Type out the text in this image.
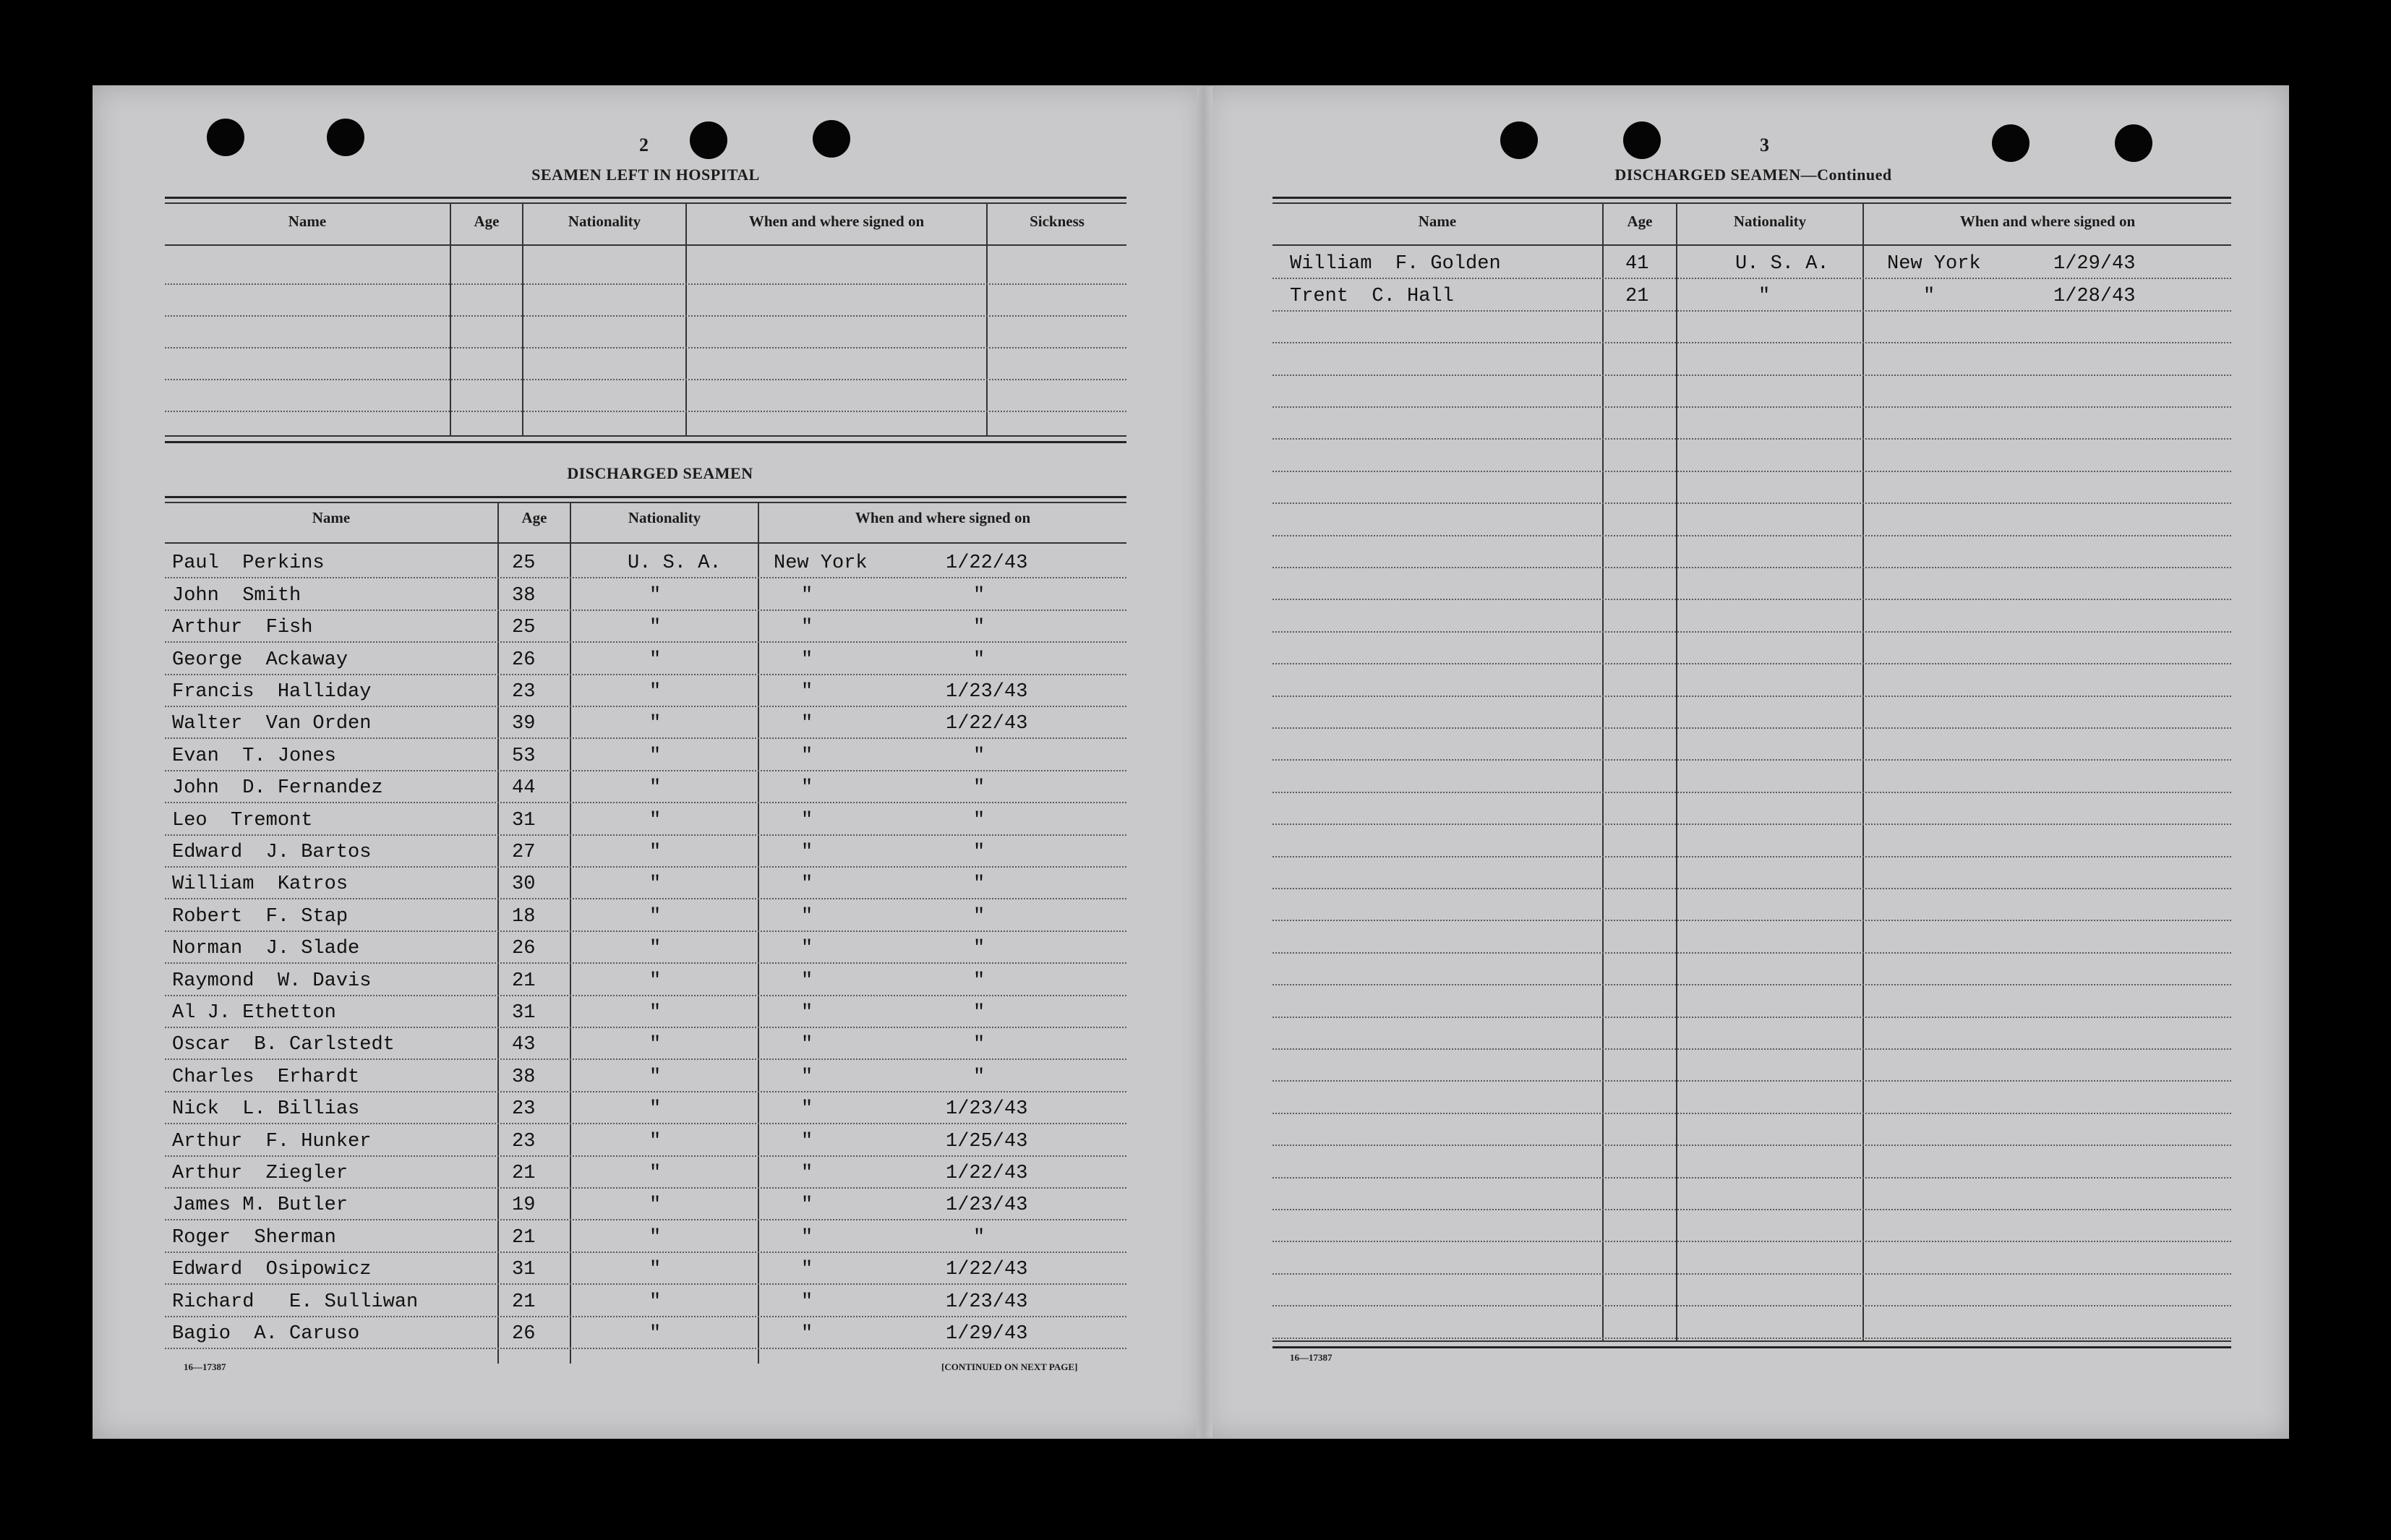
2
SEAMEN LEFT IN HOSPITAL
Name	Age	Nationality	When and where signed on	Sickness
DISCHARGED SEAMEN
Name	Age	Nationality	When and where signed on
Paul  Perkins	25	U. S. A.	New York	1/22/43
John  Smith	38	"	"	"
Arthur  Fish	25	"	"	"
George  Ackaway	26	"	"	"
Francis  Halliday	23	"	"	1/23/43
Walter  Van Orden	39	"	"	1/22/43
Evan  T. Jones	53	"	"	"
John  D. Fernandez	44	"	"	"
Leo  Tremont	31	"	"	"
Edward  J. Bartos	27	"	"	"
William  Katros	30	"	"	"
Robert  F. Stap	18	"	"	"
Norman  J. Slade	26	"	"	"
Raymond  W. Davis	21	"	"	"
Al J. Ethetton	31	"	"	"
Oscar  B. Carlstedt	43	"	"	"
Charles  Erhardt	38	"	"	"
Nick  L. Billias	23	"	"	1/23/43
Arthur  F. Hunker	23	"	"	1/25/43
Arthur  Ziegler	21	"	"	1/22/43
James M. Butler	19	"	"	1/23/43
Roger  Sherman	21	"	"	"
Edward  Osipowicz	31	"	"	1/22/43
Richard   E. Sulliwan	21	"	"	1/23/43
Bagio  A. Caruso	26	"	"	1/29/43
16—17387	[CONTINUED ON NEXT PAGE]
3
DISCHARGED SEAMEN—Continued
Name	Age	Nationality	When and where signed on
William  F. Golden	41	U. S. A.	New York	1/29/43
Trent  C. Hall	21	"	"	1/28/43
16—17387
